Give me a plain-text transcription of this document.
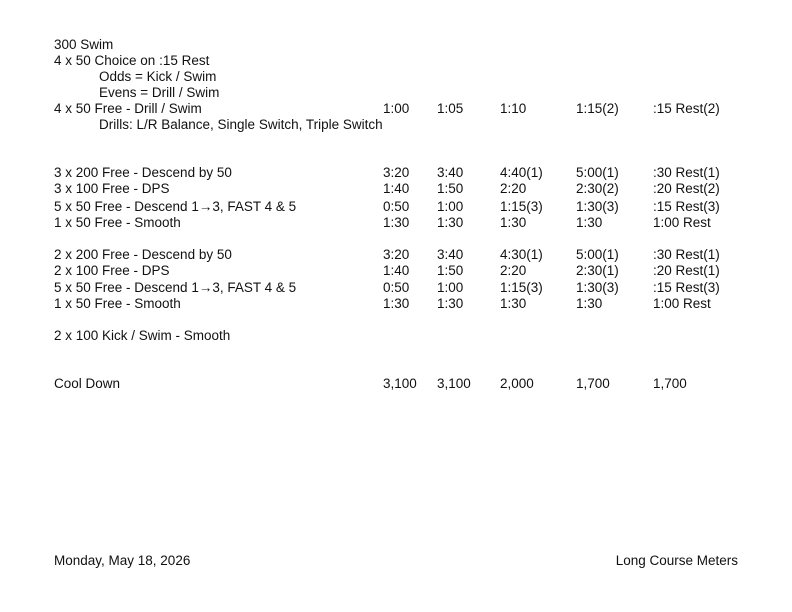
300 Swim
4 x 50 Choice on :15 Rest
Odds = Kick / Swim
Evens = Drill / Swim
4 x 50 Free - Drill / Swim	1:00 1:05	1:10	1:15(2)	:15 Rest(2)
Drills: L/R Balance, Single Switch, Triple Switch
3 x 200 Free - Descend by 50	3:20 3:40	4:40(1) 5:00(1)	:30 Rest(1)
3 x 100 Free - DPS	1:40 1:50	2:20	2:30(2)	:20 Rest(2)
5 x 50 Free - Descend 1→3, FAST 4 & 5	0:50 1:00	1:15(3) 1:30(3)	:15 Rest(3)
1 x 50 Free - Smooth	1:30 1:30	1:30	1:30	1:00 Rest
2 x 200 Free - Descend by 50	3:20 3:40	4:30(1) 5:00(1)	:30 Rest(1)
2 x 100 Free - DPS	1:40 1:50	2:20	2:30(1)	:20 Rest(1)
5 x 50 Free - Descend 1→3, FAST 4 & 5	0:50 1:00	1:15(3) 1:30(3)	:15 Rest(3)
1 x 50 Free - Smooth	1:30 1:30	1:30	1:30	1:00 Rest
2 x 100 Kick / Swim - Smooth
Cool Down	3,100 3,100 2,000	1,700	1,700
Monday, May 18, 2026	Long Course Meters
